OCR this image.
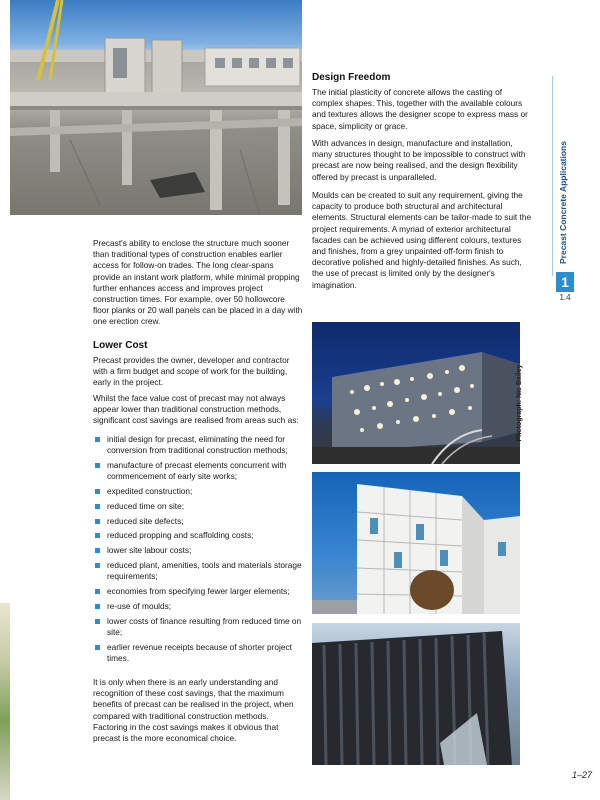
Design Freedom

The initial plasticity of concrete allows the casting of complex shapes. This, together with the available colours and textures allows the designer scope to express mass or space, simplicity or grace.

With advances in design, manufacture and installation, many structures thought to be impossible to construct with precast are now being realised, and the design flexibility offered by precast is unparalleled.

Moulds can be created to suit any requirement, giving the capacity to produce both structural and architectural elements. Structural elements can be tailor-made to suit the project requirements. A myriad of exterior architectural facades can be achieved using different colours, textures and finishes, from a grey unpainted off-form finish to decorative polished and highly-detailed finishes. As such, the use of precast is limited only by the designer's imagination.

Precast Concrete Applications
1
1.4

Precast's ability to enclose the structure much sooner than traditional types of construction enables earlier access for follow-on trades. The long clear-spans provide an instant work platform, while minimal propping further enhances access and improves project construction times. For example, over 50 hollowcore floor planks or 20 wall panels can be placed in a day with one erection crew.

Lower Cost

Precast provides the owner, developer and contractor with a firm budget and scope of work for the building, early in the project.

Whilst the face value cost of precast may not always appear lower than traditional construction methods, significant cost savings are realised from areas such as:

initial design for precast, eliminating the need for conversion from traditional construction methods;
manufacture of precast elements concurrent with commencement of early site works;
expedited construction;
reduced time on site;
reduced site defects;
reduced propping and scaffolding costs;
lower site labour costs;
reduced plant, amenities, tools and materials storage requirements;
economies from specifying fewer larger elements;
re-use of moulds;
lower costs of finance resulting from reduced time on site;
earlier revenue receipts because of shorter project times.

It is only when there is an early understanding and recognition of these cost savings, that the maximum benefits of precast can be realised in the project, when compared with traditional construction methods. Factoring in the cost savings makes it obvious that precast is the more economical choice.

Photograph: Nic Bailey
1–27
